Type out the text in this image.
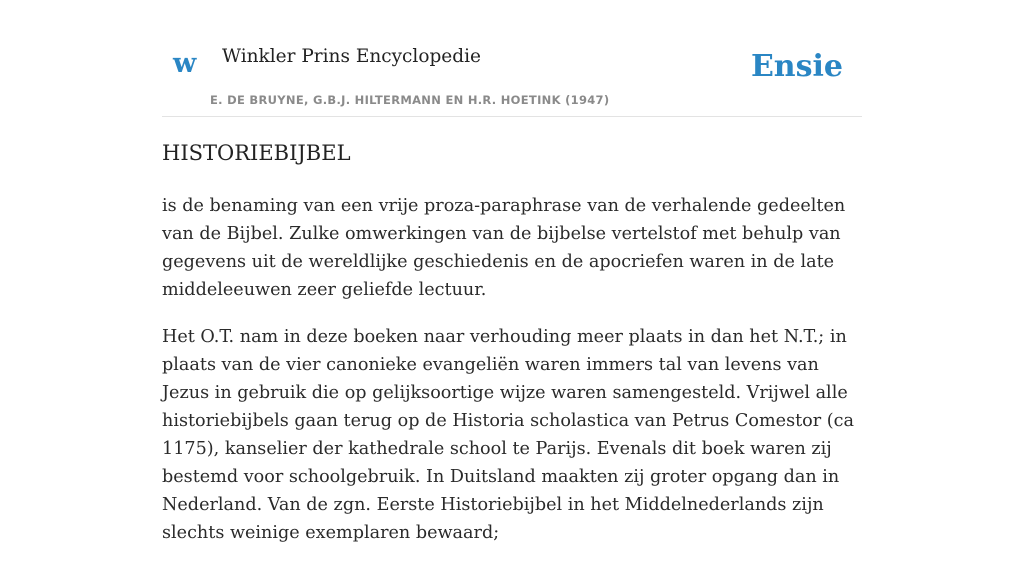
w Winkler Prins Encyclopedie
E. DE BRUYNE, G.B.J. HILTERMANN EN H.R. HOETINK (1947)
Ensie
HISTORIEBIJBEL

is de benaming van een vrije proza-paraphrase van de verhalende gedeelten van de Bijbel. Zulke omwerkingen van de bijbelse vertelstof met behulp van gegevens uit de wereldlijke geschiedenis en de apocriefen waren in de late middeleeuwen zeer geliefde lectuur.

Het O.T. nam in deze boeken naar verhouding meer plaats in dan het N.T.; in plaats van de vier canonieke evangeliën waren immers tal van levens van Jezus in gebruik die op gelijksoortige wijze waren samengesteld. Vrijwel alle historiebijbels gaan terug op de Historia scholastica van Petrus Comestor (ca 1175), kanselier der kathedrale school te Parijs. Evenals dit boek waren zij bestemd voor schoolgebruik. In Duitsland maakten zij groter opgang dan in Nederland. Van de zgn. Eerste Historiebijbel in het Middelnederlands zijn slechts weinige exemplaren bewaard;
